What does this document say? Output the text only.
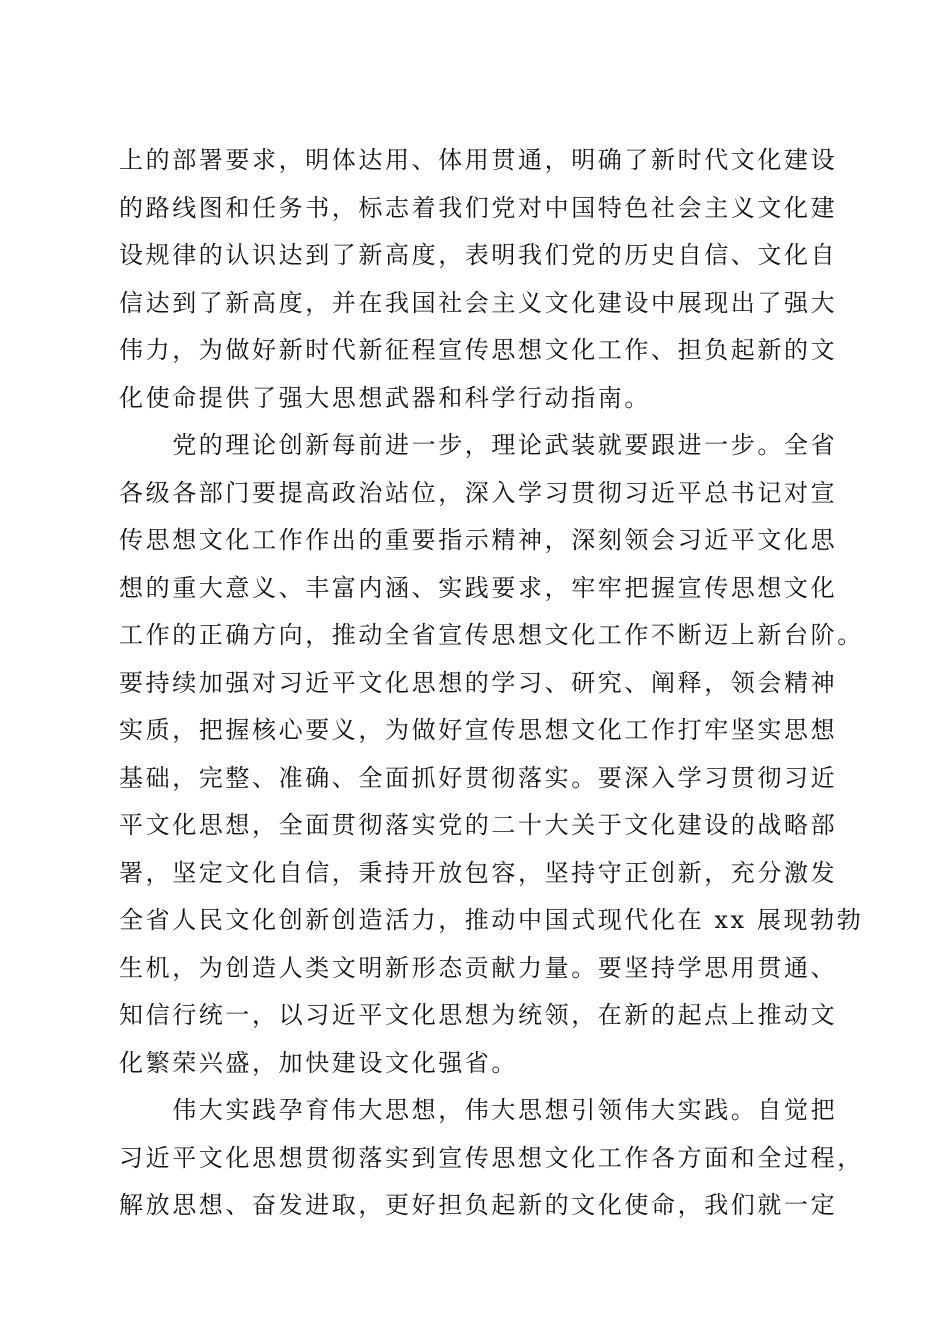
上的部署要求，明体达用、体用贯通，明确了新时代文化建设
的路线图和任务书，标志着我们党对中国特色社会主义文化建
设规律的认识达到了新高度，表明我们党的历史自信、文化自
信达到了新高度，并在我国社会主义文化建设中展现出了强大
伟力，为做好新时代新征程宣传思想文化工作、担负起新的文
化使命提供了强大思想武器和科学行动指南。
　　党的理论创新每前进一步，理论武装就要跟进一步。全省
各级各部门要提高政治站位，深入学习贯彻习近平总书记对宣
传思想文化工作作出的重要指示精神，深刻领会习近平文化思
想的重大意义、丰富内涵、实践要求，牢牢把握宣传思想文化
工作的正确方向，推动全省宣传思想文化工作不断迈上新台阶。
要持续加强对习近平文化思想的学习、研究、阐释，领会精神
实质，把握核心要义，为做好宣传思想文化工作打牢坚实思想
基础，完整、准确、全面抓好贯彻落实。要深入学习贯彻习近
平文化思想，全面贯彻落实党的二十大关于文化建设的战略部
署，坚定文化自信，秉持开放包容，坚持守正创新，充分激发
全省人民文化创新创造活力，推动中国式现代化在 xx 展现勃勃
生机，为创造人类文明新形态贡献力量。要坚持学思用贯通、
知信行统一，以习近平文化思想为统领，在新的起点上推动文
化繁荣兴盛，加快建设文化强省。
　　伟大实践孕育伟大思想，伟大思想引领伟大实践。自觉把
习近平文化思想贯彻落实到宣传思想文化工作各方面和全过程，
解放思想、奋发进取，更好担负起新的文化使命，我们就一定
